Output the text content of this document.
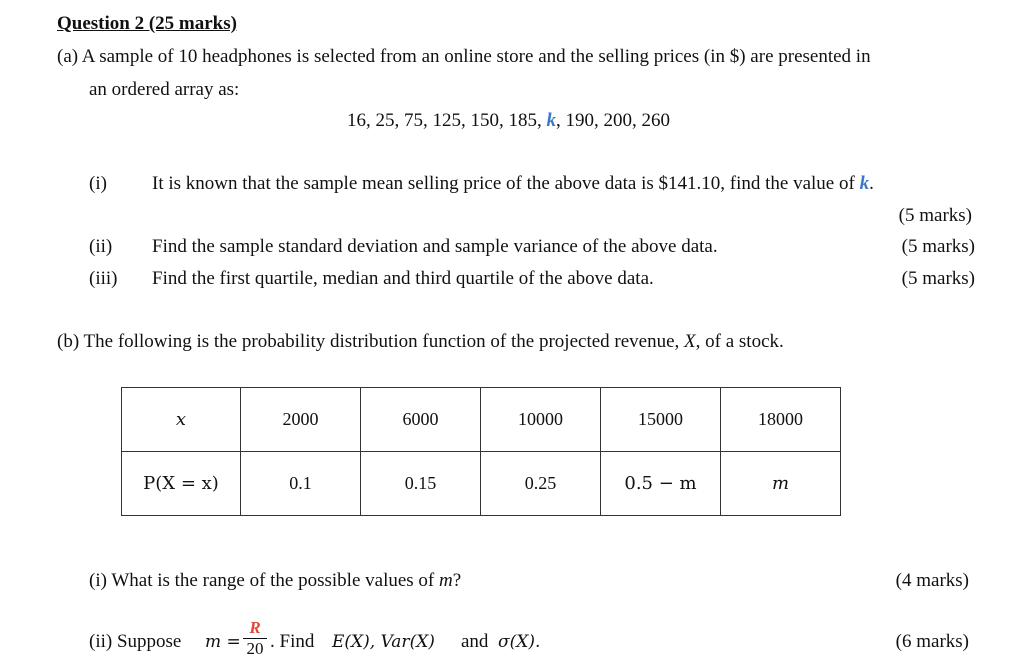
Question 2 (25 marks)
(a) A sample of 10 headphones is selected from an online store and the selling prices (in $) are presented in
an ordered array as:
16, 25, 75, 125, 150, 185, k, 190, 200, 260
(i) It is known that the sample mean selling price of the above data is $141.10, find the value of k.
(5 marks)
(ii) Find the sample standard deviation and sample variance of the above data.	(5 marks)
(iii) Find the first quartile, median and third quartile of the above data.	(5 marks)
(b) The following is the probability distribution function of the projected revenue, X, of a stock.
x	2000	6000	10000	15000	18000
P(X = x)	0.1	0.15	0.25	0.5 − m	m
(i) What is the range of the possible values of m?	(4 marks)
(ii) Suppose m =
R
20 . Find E(X), Var(X) and σ(X).	(6 marks)
